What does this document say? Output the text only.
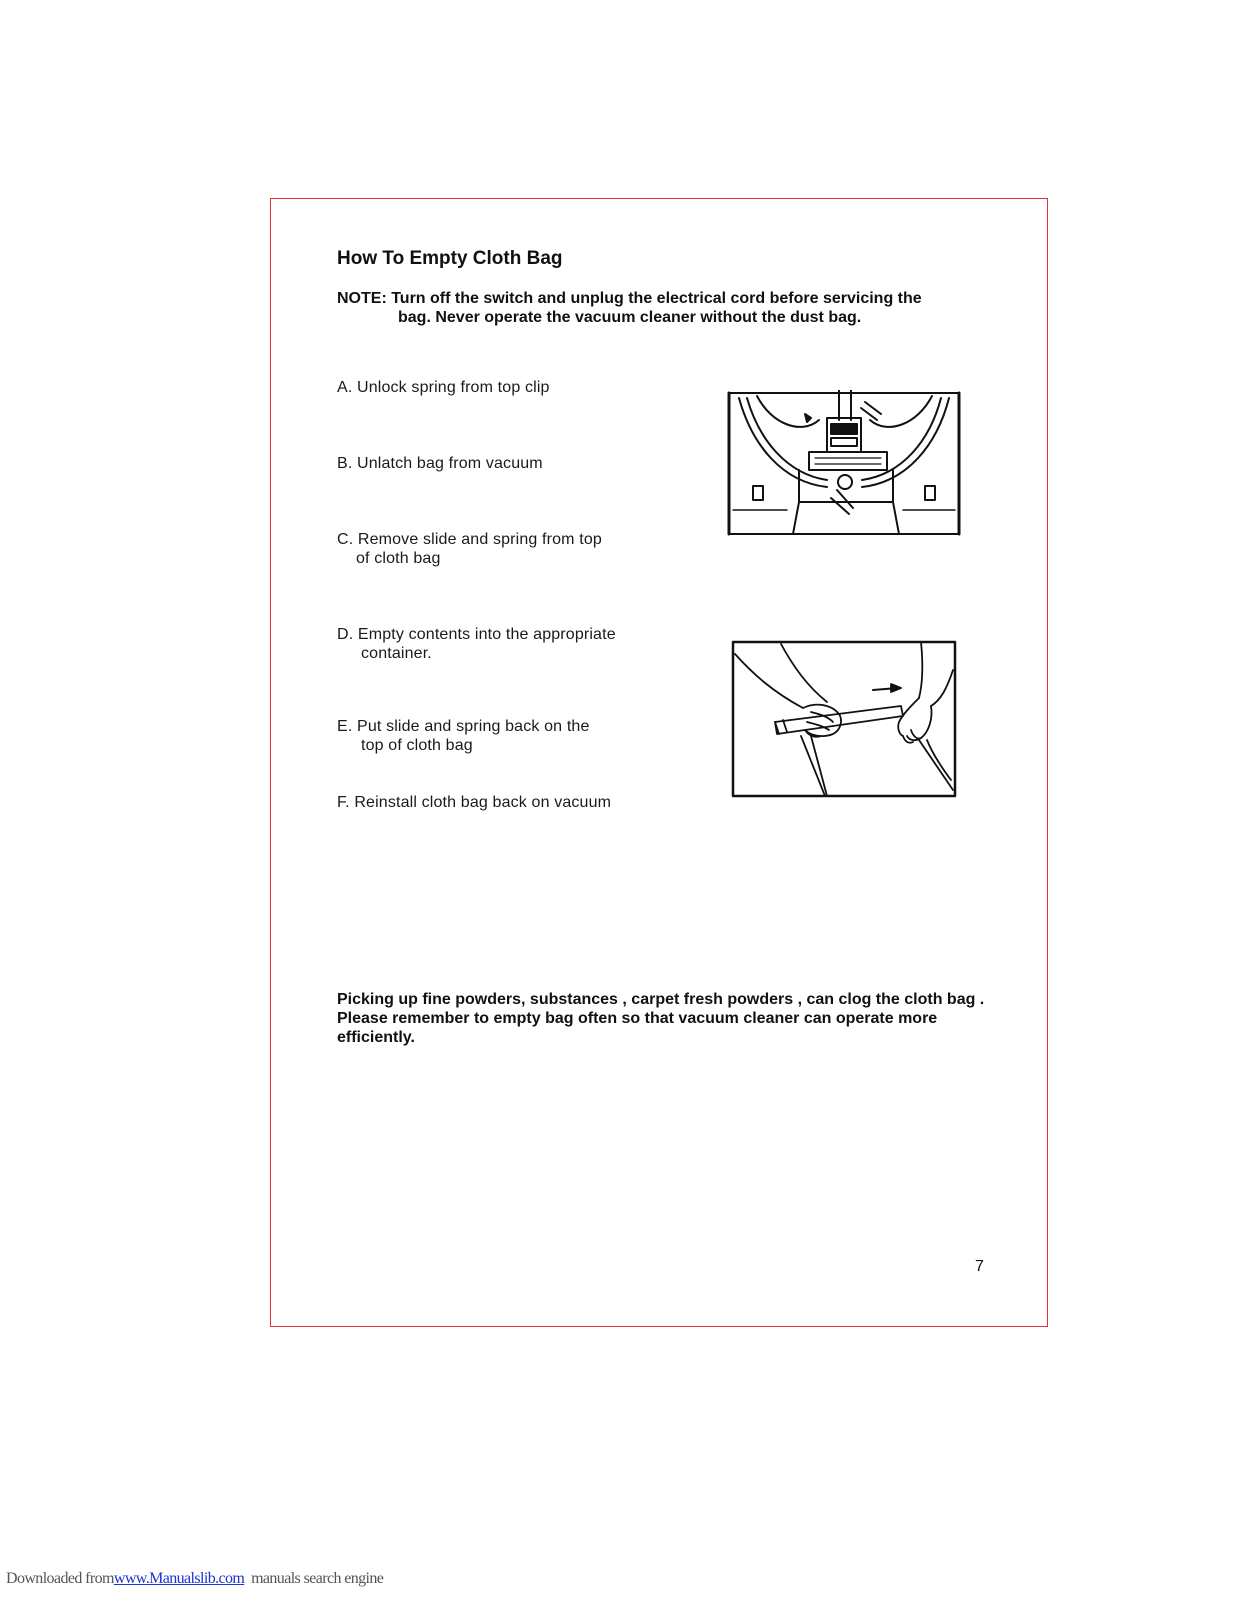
How To Empty Cloth Bag

NOTE: Turn off the switch and unplug the electrical cord before servicing the
bag. Never operate the vacuum cleaner without the dust bag.

A. Unlock spring from top clip

B. Unlatch bag from vacuum

C. Remove slide and spring from top
of cloth bag

D. Empty contents into the appropriate
container.

E. Put slide and spring back on the
top of cloth bag

F. Reinstall cloth bag back on vacuum

Picking up fine powders, substances , carpet fresh powders , can clog the cloth bag . Please remember to empty bag often so that vacuum cleaner can operate more efficiently.

7

Downloaded fromwww.Manualslib.com manuals search engine
